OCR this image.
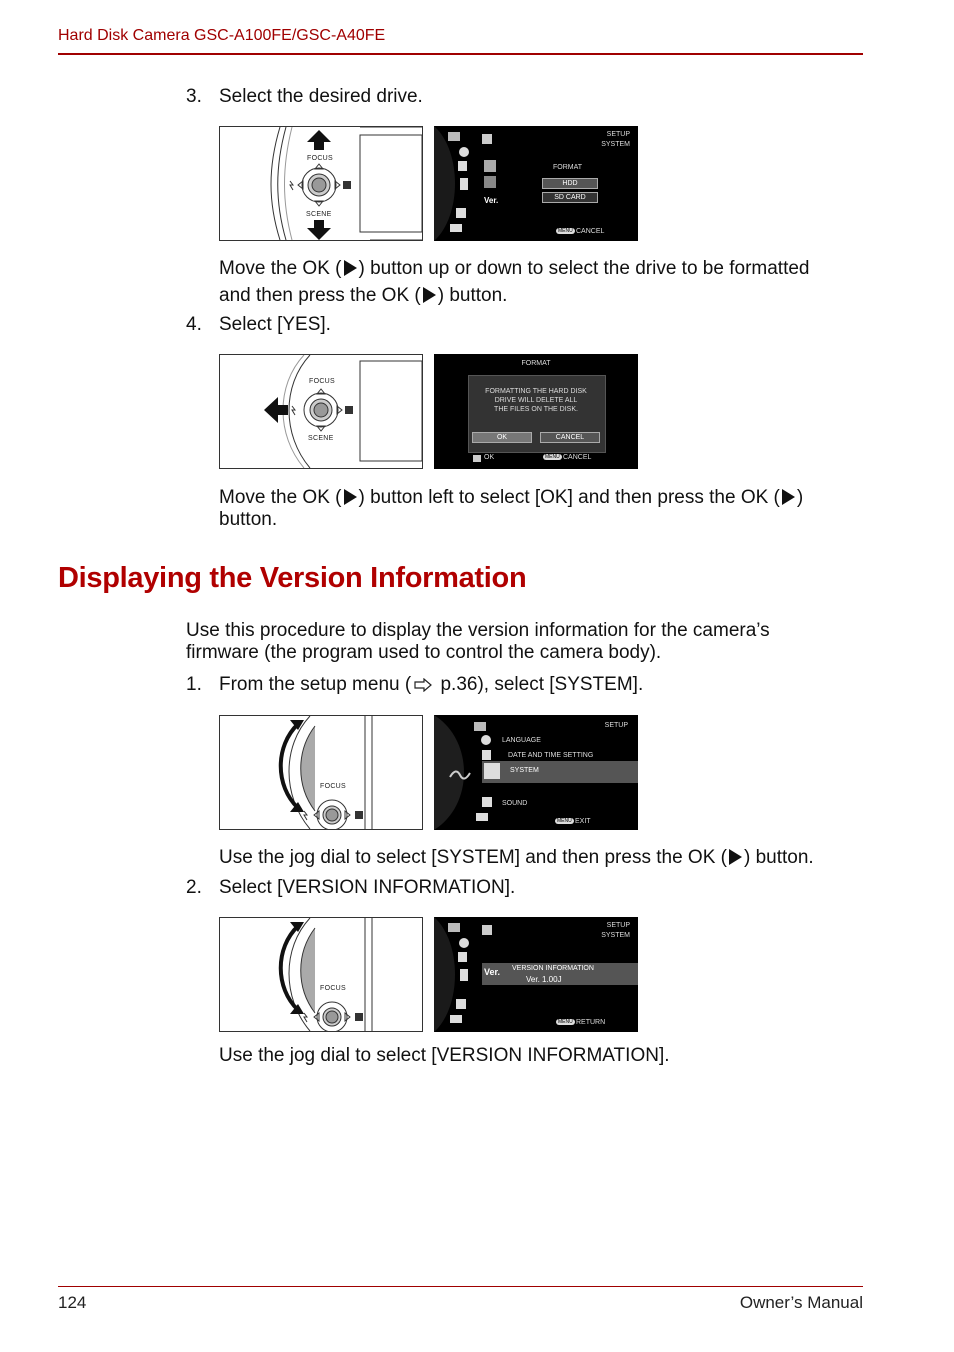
Hard Disk Camera GSC-A100FE/GSC-A40FE
3. Select the desired drive.
FOCUS
SCENE
SETUP
SYSTEM
FORMAT
HDD
SD CARD
Ver.
MENU CANCEL
Move the OK ( ) button up or down to select the drive to be formatted
and then press the OK ( ) button.
4. Select [YES].
FOCUS
SCENE
FORMAT
FORMATTING THE HARD DISK
DRIVE WILL DELETE ALL
THE FILES ON THE DISK.
OK	CANCEL
OK	MENU CANCEL
Move the OK ( ) button left to select [OK] and then press the OK ( )
button.
Displaying the Version Information
Use this procedure to display the version information for the camera’s
firmware (the program used to control the camera body).
1. From the setup menu ( p.36), select [SYSTEM].
FOCUS
SETUP
LANGUAGE
DATE AND TIME SETTING
SYSTEM
SOUND
MENU EXIT
Use the jog dial to select [SYSTEM] and then press the OK ( ) button.
2. Select [VERSION INFORMATION].
FOCUS
SETUP
SYSTEM
Ver. VERSION INFORMATION
Ver. 1.00J
MENU RETURN
Use the jog dial to select [VERSION INFORMATION].
124	Owner’s Manual
